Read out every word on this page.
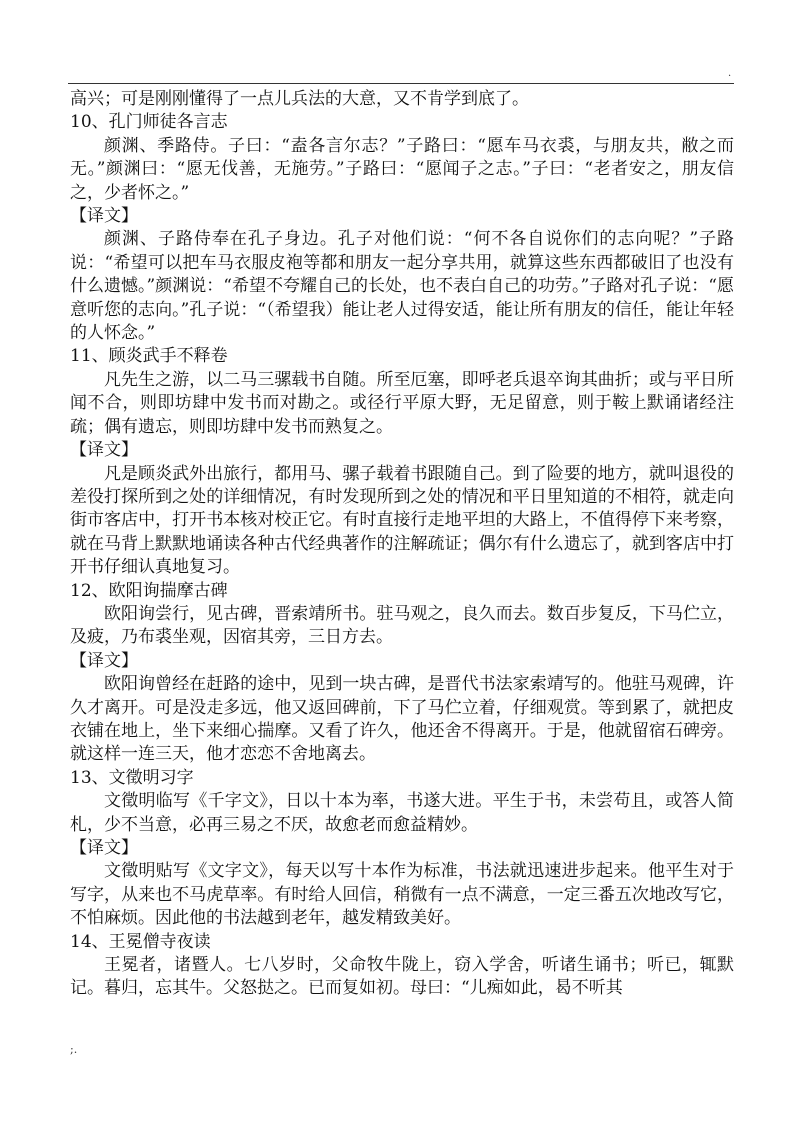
.

高兴；可是刚刚懂得了一点儿兵法的大意，又不肯学到底了。

10、孔门师徒各言志

颜渊、季路侍。子曰：“盍各言尔志？”子路曰：“愿车马衣裘，与朋友共，敝之而无。”颜渊曰：“愿无伐善，无施劳。”子路曰：“愿闻子之志。”子曰：“老者安之，朋友信之，少者怀之。”

【译文】

颜渊、子路侍奉在孔子身边。孔子对他们说：“何不各自说你们的志向呢？”子路说：“希望可以把车马衣服皮袍等都和朋友一起分享共用，就算这些东西都破旧了也没有什么遗憾。”颜渊说：“希望不夸耀自己的长处，也不表白自己的功劳。”子路对孔子说：“愿意听您的志向。”孔子说：“（希望我）能让老人过得安适，能让所有朋友的信任，能让年轻的人怀念。”

11、顾炎武手不释卷

凡先生之游，以二马三骡载书自随。所至厄塞，即呼老兵退卒询其曲折；或与平日所闻不合，则即坊肆中发书而对勘之。或径行平原大野，无足留意，则于鞍上默诵诸经注疏；偶有遗忘，则即坊肆中发书而熟复之。

【译文】

凡是顾炎武外出旅行，都用马、骡子载着书跟随自己。到了险要的地方，就叫退役的差役打探所到之处的详细情况，有时发现所到之处的情况和平日里知道的不相符，就走向街市客店中，打开书本核对校正它。有时直接行走地平坦的大路上，不值得停下来考察，就在马背上默默地诵读各种古代经典著作的注解疏证；偶尔有什么遗忘了，就到客店中打开书仔细认真地复习。

12、欧阳询揣摩古碑

欧阳询尝行，见古碑，晋索靖所书。驻马观之，良久而去。数百步复反，下马伫立，及疲，乃布裘坐观，因宿其旁，三日方去。

【译文】

欧阳询曾经在赶路的途中，见到一块古碑，是晋代书法家索靖写的。他驻马观碑，许久才离开。可是没走多远，他又返回碑前，下了马伫立着，仔细观赏。等到累了，就把皮衣铺在地上，坐下来细心揣摩。又看了许久，他还舍不得离开。于是，他就留宿石碑旁。就这样一连三天，他才恋恋不舍地离去。

13、文徵明习字

文徵明临写《千字文》，日以十本为率，书遂大进。平生于书，未尝苟且，或答人简札，少不当意，必再三易之不厌，故愈老而愈益精妙。

【译文】

文徵明贴写《文字文》，每天以写十本作为标准，书法就迅速进步起来。他平生对于写字，从来也不马虎草率。有时给人回信，稍微有一点不满意，一定三番五次地改写它，不怕麻烦。因此他的书法越到老年，越发精致美好。

14、王冕僧寺夜读

王冕者，诸暨人。七八岁时，父命牧牛陇上，窃入学舍，听诸生诵书；听已，辄默记。暮归，忘其牛。父怒挞之。已而复如初。母曰：“儿痴如此，曷不听其

;.
